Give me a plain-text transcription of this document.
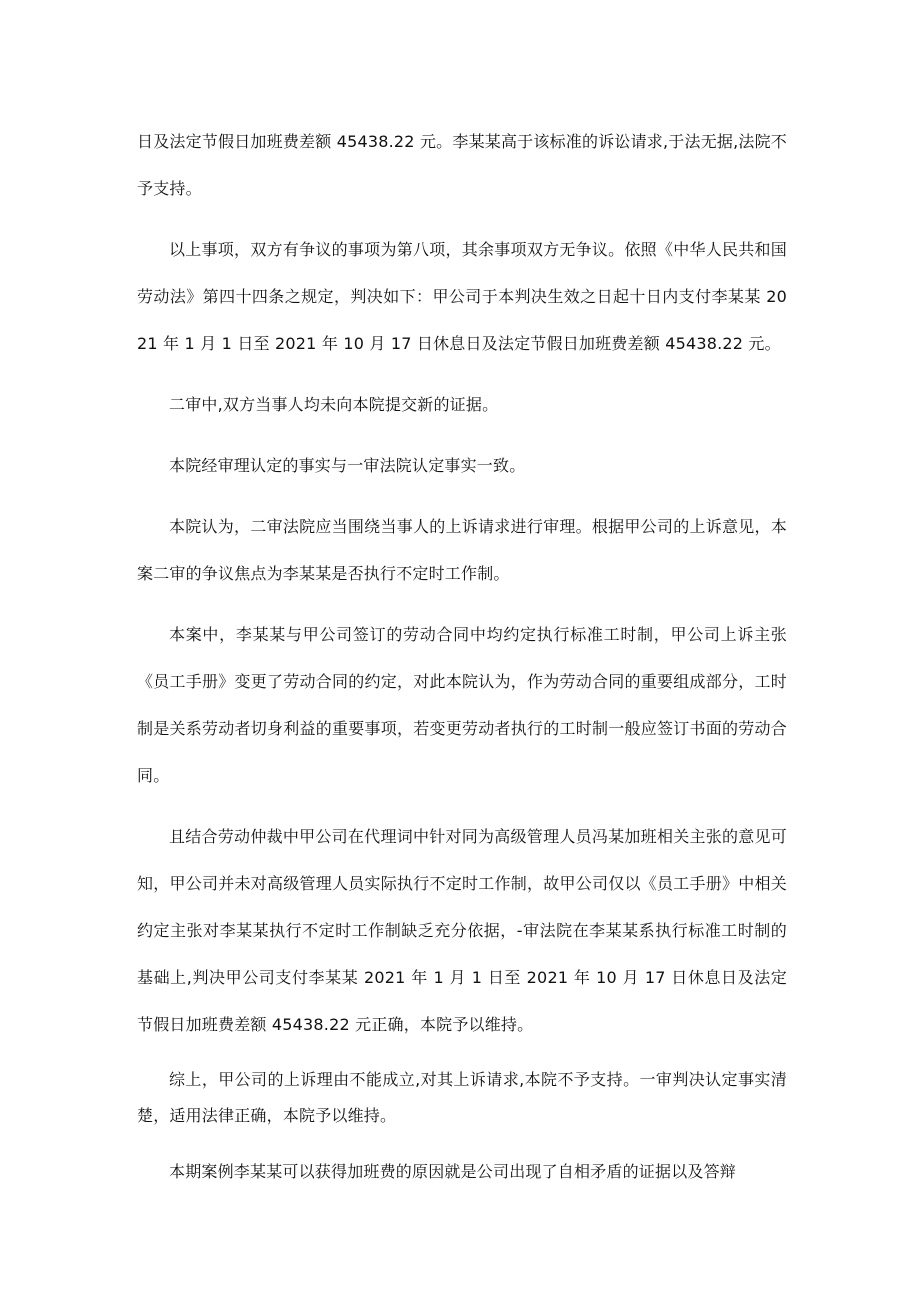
日及法定节假日加班费差额 45438.22 元。李某某高于该标准的诉讼请求,于法无据,法院不予支持。

以上事项，双方有争议的事项为第八项，其余事项双方无争议。依照《中华人民共和国劳动法》第四十四条之规定，判决如下：甲公司于本判决生效之日起十日内支付李某某 2021 年 1 月 1 日至 2021 年 10 月 17 日休息日及法定节假日加班费差额 45438.22 元。

二审中,双方当事人均未向本院提交新的证据。

本院经审理认定的事实与一审法院认定事实一致。

本院认为，二审法院应当围绕当事人的上诉请求进行审理。根据甲公司的上诉意见，本案二审的争议焦点为李某某是否执行不定时工作制。

本案中，李某某与甲公司签订的劳动合同中均约定执行标准工时制，甲公司上诉主张《员工手册》变更了劳动合同的约定，对此本院认为，作为劳动合同的重要组成部分，工时制是关系劳动者切身利益的重要事项，若变更劳动者执行的工时制一般应签订书面的劳动合同。

且结合劳动仲裁中甲公司在代理词中针对同为高级管理人员冯某加班相关主张的意见可知，甲公司并未对高级管理人员实际执行不定时工作制，故甲公司仅以《员工手册》中相关约定主张对李某某执行不定时工作制缺乏充分依据，-审法院在李某某系执行标准工时制的基础上,判决甲公司支付李某某 2021 年 1 月 1 日至 2021 年 10 月 17 日休息日及法定节假日加班费差额 45438.22 元正确，本院予以维持。

综上，甲公司的上诉理由不能成立,对其上诉请求,本院不予支持。一审判决认定事实清楚，适用法律正确，本院予以维持。

本期案例李某某可以获得加班费的原因就是公司出现了自相矛盾的证据以及答辩
